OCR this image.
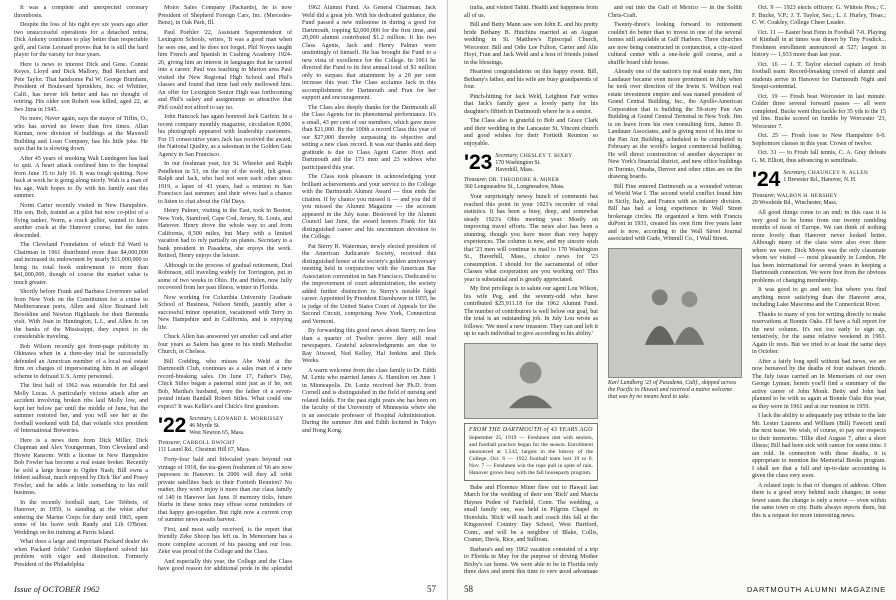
It was a complete and unexpected coronary thrombosis.

Despite the loss of his right eye six years ago after two unsuccessful operations for a detached retina, Dick Ankeny continues to play better than respectable golf, and Gene Leonard proves that he is still the hard player for the varsity for four years.

Here is news to interest Dick and Gene. Connie Keyes, Lloyd and Dick Mallory, Bud Reichart and Pete Taylor. That handsome Pal W. George Burnham, President of Boulevard Sprinklers, Inc. of Whittier, Calif., has never felt better and has no thought of retiring. His older son Robert was killed, aged 22, at Iwo Jima in 1945.

No more, Never again, says the mayor of Tiffin, O., who has served no fewer than five times. Allan Kurnan, now division of buildings at the Maxwell Building and Loan Company, has his little joke. He says that he is slowing down.

After 45 years of smoking Walt Lundegren has had to quit. A heart attack confined him to the hospital from June 15 to July 10. It was tough quitting. Now back at work he is going along nicely. Walt is a man of his age, Walt hopes to fly with his family east this summer.

Norm Carter recently visited in New Hampshire. His son, Bob, trained as a pilot but now co-pilot of a flying tanker, Norm, a crack golfer, wanted to have another crack at the Hanover course, but the rains descended.

The Cleveland Foundation of which Ed Ward is Chairman in 1961 distributed more than $4,000,000 and increased its endowment by nearly $11,000,000 to bring its total book endowment to more than $41,000,000, though of course the market value is much greater.

Shortly before Frank and Barbara Livermore sailed from New York on the Constitution for a cruise to Mediterranean ports, Allen and Alice Brainard left Brookline and Newton Highlands for their Bermuda visit. With Joan in Huntington, L.I., and Allen Jr. on the banks of the Mississippi, they expect to do considerable traveling.

Bob Wilson recently got front-page publicity in Okinawa when in a three-day trial he successfully defended an American member of a local real estate firm on charges of impersonating him in an alleged scheme to defraud U.S. Army personnel.

The first half of 1962 was miserable for Ed and Molly Lucas. A particularly vicious attack after an accident involving broken ribs laid Molly low, and kept her below par until the middle of June, but the summer restored her, and you will see her at the football weekend with Ed, that volatile vice president of International Breweries.

Here is a news item from Dick Miller, Dick Chapman and Alex Youngerman, Tom Cleveland and Howie Ransom. With a license in New Hampshire Bob Fowler has become a real estate broker. Recently he sold a large house to Ogden Nash; Bill owns a trident sailboat, much enjoyed by Dick 'Ike' and Posey Fowler, and he adds a little something to his mill business.

In the recently football start, Lee Tebbets, of Hanover, in 1959, is standing at the whist after entering the Marine Corps for duty until 1965, spent some of his leave with Randy and Lib O'Brien. Weddings on his training at Parris Island.

What does a large and important Packard dealer do when Packard folds? Gordon Shepherd solved his problem with vigor and distinction. Formerly President of the Philadelphia

Motor Sales Company (Packards), he is now President of Shepherd Foreign Cars, Inc. (Mercedes-Benz), in Oak Park, Ill.

Paul Poehler '22, Assistant Superintendent of Lexington Schools, writes, 'It was a good man when he sees one, and he does not forget. Phil Noyes taught him French and Spanish in Cushing Academy 1924-26, giving him an interest in languages that he carried into a career. Paul was teaching in Marion area Paul visited the New Regional High School and Phil's classes and found that time had only mellowed him. An offer for Lexington Senior High was forthcoming and Phil's salary and assignments so attractive that Phil could not afford to say no.

John Hancock has again honored Jack Garfein. In a recent company monthly magazine, circulation 8,000, his photograph appeared with leadership customers. For 15 consecutive years Jack has received the award, the National Quality, as a salesman in the Golden Gate Agency in San Francisco.

In our freshman year, Ice St. Wheeler and Ralph Pendleton in 53, on the top of the world, felt great. Ralph and Jack, who had not seen each other since 1919, a lapse of 43 years, had a reunion in San Francisco last summer, and their wives had a chance to listen to chat about the Old Days.

Henry Palmer, visiting in the East, took in Boston, New York, Stamford, Cape Cod, Jersey, St. Louis, and Hanover. Henry drove the whole way to and from California, 8,500 miles, but Mary with a limited vacation had to rely partially on planes. Secretary to a bank president in Pasadena, she enjoys the work. Retired, Henry enjoys the leisure.

Although in the process of gradual retirement, Dud Robinson, still traveling widely for Torrington, put in some of two weeks in Ohio. He and Helen, now fully recovered from her past illness, winter in Florida.

Now working for Columbia University Graduate School of Business, Nelson Smith, jauntily after a successful minor operation, vacationed with Terry in New Hampshire and in California, and is enjoying life.

Chuck Allen has answered yet another call and after four years as Salem has gone to his ninth Methodist Church, in Chelsea.

Bill Codding, who misses Abe Weld at the Dartmouth Club, continues as a sales man of a new record-breaking sales. On June 17, Father's Day, Chick Stiles began a paternal stint just as if he, not Bob, Martha's husband, were the father of a seven-pound infant Randall Robert Stiles. What could one expect? It was Kellie's and Chick's first grandson.

'22 Secretary, LEONARD E. MORRISSEY
46 Myrtle St.
West Newton 65, Mass.
Treasurer, CARROLL DWIGHT
111 Laurel Rd., Chestnut Hill 67, Mass.

Forty-four bald and bifocaled years beyond our vintage of 1918, the tea-green freshmen of '66 are now papooses in Hanover. In 2006 will they all orbit private satellites back to their Fortieth Reunion? No matter, they won't enjoy it more than our class family of 140 in Hanover last June. If memory ticks, future blurbs in these notes may effuse some reminders of that happy get-together. But right now a current crop of summer news awaits harvest.

First, and most sadly received, is the report that friendly Zeke Shoop has left us. In Memoriam has a more complete account of his passing and our loss. Zeke was proud of the College and the Class.

And especially this year, the College and the Class have good reason for additional pride in the splendid

1962 Alumni Fund. As General Chairman, Jack Weld did a great job. With his dedicated guidance, the Fund passed a new milestone in during a good for Dartmouth, topping $2,000,000 for the first time, and 20,000 alumni contributed $1.2 million. It his two Class Agents, Jack and Henry Palmer were unstintingly of himself. He has brought the Fund to a new vista of excellence for the College. In 1961 he directed the Fund to its first annual total of $1 million only to surpass that attainment by a 20 per cent increase this year. The Class acclaims Jack in this accomplishment for Dartmouth and Fran for her support and encouragement.

The Class also deeply thanks for the Dartmouth all the Class Agents for its phenomenal performance. It's a small, 43 per cent of our members, which gave more than $21,000. By the 100th a record Class this year of our $27,000 thereby surpassing its objective and setting a new class record. It was our thanks and deep gratitude is due to Class Agent Carter Hoyt and Dartmouth and the 173 men and 23 widows who participated this year.

The Class took pleasure in acknowledging your brilliant achievements and your service to the College with the Dartmouth Alumni Award — thus ends the citation. If by chance you missed it — and you did if you missed the Alumni Magazine — the account appeared in the July issue. Bestowed by the Alumni Council last June, the award honors Frank for his distinguished career and his uncommon devotion to the College.

Pat Sterry R. Waterman, newly elected president of the American Judicature Society, received this distinguished honor at the society's golden anniversary meeting held in conjunction with the American Bar Association convention in San Francisco. Dedicated to the improvement of court administration, the society added further distinction to Sterry's notable legal career. Appointed by President Eisenhower in 1955, he is judge of the United States Court of Appeals for the Second Circuit, comprising New York, Connecticut and Vermont.

By forwarding this good news about Sterry, no less than a quarter of Twelve prove they still read newspapers. Grateful acknowledgments are due to Ray Atwood, Ned Kelley, Hal Jenkins and Dick Weeks.

A warm welcome from the class family to Dr. Edith M. Lentz who married James A. Hamilton on June 1 in Minneapolis. Dr. Lentz received her Ph.D. from Cornell and is distinguished in the field of nursing and related fields. For the past eight years she has been on the faculty of the University of Minnesota where she is an associate professor of Hospital Administration. During the summer Jim and Edith lectured in Tokyo and Hong Kong.

Issue of OCTOBER 1962	57

tralia, and visited Tahiti. Health and happiness from all of us.

Bill and Betty Mann saw son John E. and his pretty bride Bethany B. Hutchins married at an August wedding in St. Matthew's Episcopal Church, Worcester. Bill and Odie Lee Fulton, Carter and Alie Hoyt, Fran and Jack Weld and a host of friends joined in the blessings.

Heartiest congratulations on this happy event. Bill, Bethany's father, and his wife are busy grandparents of four.

Pinch-hitting for Jack Weld, Leighton Fair writes that Jack's family gave a lovely party for his daughter's fiftieth in Dartmouth where he is a senior.

The Class also is grateful to Bob and Grace Clark and their wedding in the Lancaster St. Vincent church and good wishes for their Fortieth Reunion so enjoyable.

'23 Secretary, CHESLEY T. BIXBY
170 Washington St.
Haverhill, Mass.
Treasurer, DR. THEODORE R. MINER
360 Longmeadow St., Longmeadow, Mass.

Your surprisingly newsy bunch of comments has reached this point in your 1923's recorder of vital statistics. It has been a busy, deep, and somewhat steady 1923's Ohio meeting year. Mostly on improving travel efforts. The news also has been a stunning, though you have more than very happy experiences. The column is new, and my sincere wish that '23 men will continue to mail to 170 Washington St., Haverhill, Mass., choice news for '23 consumption. I should for the sacramental of other Classes what cooperation are you working on? This year is substantial and is greatly appreciated.

My first privilege is to salute our agent Lou Wilson, his wife Peg, and the seventy-odd who have contributed $25,911.18 for the 1962 Alumni Fund. The number of contributors is well below our goal, but the total is an outstanding job. In July Lou wrote as follows: 'We need a new treasurer. They can and left it up to each individual to give according to his ability.'

FROM THE DARTMOUTH of 43 YEARS AGO
September 25, 1919 — Freshmen met with seniors, and football practice began for the season. Enrollment announced at 1,542, largest in the history of the College. Oct. 6 — 1922 football team lost 19 to 0. Nov. 7 — Freshmen win the rope pull in spite of rain. Hanover grows busy with the fall houseparty program.

Babe and Florence Miner flew out to Hawaii last March for the wedding of their son 'Rich' and Marcia Haynes Peden of Fairfield, Conn. The wedding, a small family one, was held in Pilgrim Chapel in Honolulu. 'Rich' will teach and coach this fall at the Kingswood Country Day School, West Hartford, Conn., and will be a neighbor of Blake, Collis, Cramer, Davis, Rice, and Sullivan.

Barbara's and my 1962 vacation consisted of a trip to Florida in May for the purpose of driving Mother Bixby's car home. We were able to be in Florida only three days and spent this time to very good advantage

and out into the Gulf of Mexico — in the Sollitt Chris-Craft.

Twenty-three's looking forward to retirement couldn't do better than to invest in one of the several homes still available at Gulf Harbors. Three churches are now being constructed in conjunction, a city-sized cultural center with a one-hole golf course, and a shuffle board club house.

Already one of the nation's top real estate men, Jim Landauer became even more prominent in July when he took over direction of the Irwin S. Wolfson real estate investment empire and was named president of Grand Central Building, Inc., the Apollo-American Corporation that is building the 59-story Pan Am Building at Grand Central Terminal in New York. Jim is on leave from his own consulting firm, James D. Landauer Associates, and is giving most of his time to the Pan Am Building, scheduled to be completed in February as the world's largest commercial building. He will direct construction of another skyscraper in New York's financial district, and new office buildings in Toronto, Omaha, Denver and other cities are on the drawing boards.

Bill Fine entered Dartmouth as a wounded veteran of World War I. The second world conflict found him in Sicily, Italy, and France with an infantry division. Bill has had a long experience in Wall Street brokerage circles. He organized a firm with Francis duPont in 1931, created his own firm five years later and is now, according to the Wall Street Journal associated with Gude, Winmill Co., I Wall Street.

Karl Lundberg '23 of Pasadena, Calif., skipped across the Pacific to Hawaii and received a native welcome that was by no means hard to take.

Oct. 9 — 1923 elects officers: G. Whiteis Pres.; C. F. Bucke, V.P.; J. T. Taylor, Sec.; L. J. Hurley, Treas.; C. W. Coakley, College Cheer Leader.

Oct. 11 — Easter beat Fenn in Football 7-0. Playing of Kimball in at times was drawn by Tiny Fosdick... Freshmen enrollment announced at 527; largest in history — 1,933 more than last year.

Oct. 16 — J. T. Taylor elected captain of frosh football team. Record-breaking crowd of alumni and students arrive in Hanover for Dartmouth Night and Sesqui-centennial.

Oct. 19 — Frosh beat Worcester in last minute. Colder three several forward passes — all were completed. Bucke went thru tackle for 35 yds to the 15 yd line. Bucke scored on fumble by Worcester '23, Worcester 7.

Oct. 25 — Frosh lose to New Hampshire 6-0. Sophomore classes in this year. Crown of twelve.

Oct. 31 — to Frosh fall tennis, C. A. Gray defeats G. M. Elliott, thus advancing to semifinals.

'24 Secretary, CHAUNCEY N. ALLEN
1 Brewster Rd., Hanover, N. H.
Treasurer, WALBON H. HERSHEY
29 Woodside Rd., Winchester, Mass.

All good things come to an end; in this case it is very good to be home from our twenty rambling months of most of Europe. We can think of nothing more lovely than Hanover never looked better. Although many of the class were also over there where we were. Dick Moyes was the only classmate whom we visited — most pleasantly in London. He has been international for several years in keeping a Dartmouth connection. We were free from the obvious problems of changing membership.

It was good to go and see; but where you find anything more satisfying than the Hanover area, including Lake Mascoma and the Connecticut River.

Thanks to many of you for writing directly to make reservations at Bonnie Oaks. I'll have a full report for the next column. It's not too early to sign up, tentatively, for the same relative weekend in 1963. Again ilr rests. But we tried to at least the same days in October.

After a fairly long spell without bad news, we are now bereaved by the deaths of four stalwart friends. The July issue carried an In Memoriam of our own George Lyman; herein you'll find a summary of the active career of John Monk. Betty and John had planned to be with us again at Bonnie Oaks this year, as they were in 1961 and at our reunion in 1959.

I lack the ability to adequately pay tribute to the late Mr. Lester Laurens and William (Bill) Fawcett until the next issue. We wish, of course, to pay our respects to their memories. Tillie died August 7, after a short illness; Bill had been sick with cancer for some time. I am told. In connection with these deaths, it is appropriate to mention the Memorial Books program. I shall see that a full and up-to-date accounting is given the class very soon.

A related topic is that of changes of address. Often there is a good story behind such changes; in some fewer cases the change is only a move — even within the same town or city. Butts always reports them, but this is a request for more interesting news.

58	DARTMOUTH ALUMNI MAGAZINE
